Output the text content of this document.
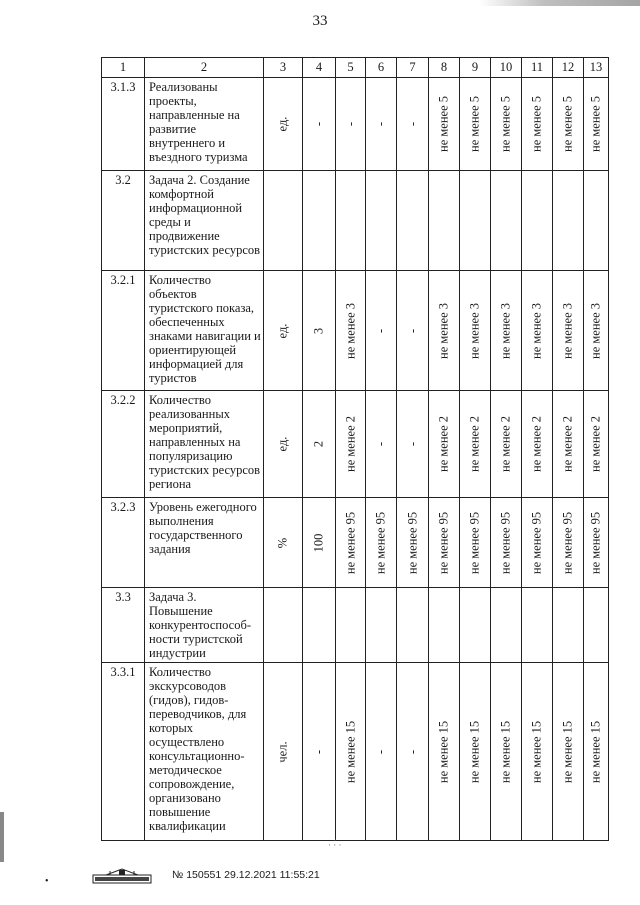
33
1	2	3	4	5	6	7	8	9	10	11	12	13
3.1.3	Реализованы проекты, направленные на развитие внутреннего и въездного туризма	ед.	-	-	-	-	не менее 5	не менее 5	не менее 5	не менее 5	не менее 5	не менее 5

3.2	Задача 2. Создание комфортной информационной среды и продвижение туристских ресурсов	

3.2.1	Количество объектов туристского показа, обеспеченных знаками навигации и ориентирующей информацией для туристов	ед.	3	не менее 3	-	-	не менее 3	не менее 3	не менее 3	не менее 3	не менее 3	не менее 3

3.2.2	Количество реализованных мероприятий, направленных на популяризацию туристских ресурсов региона	ед.	2	не менее 2	-	-	не менее 2	не менее 2	не менее 2	не менее 2	не менее 2	не менее 2

3.2.3	Уровень ежегодного выполнения государственного задания	%	100	не менее 95	не менее 95	не менее 95	не менее 95	не менее 95	не менее 95	не менее 95	не менее 95	не менее 95

3.3	Задача 3. Повышение конкурентоспособ-ности туристской индустрии	

3.3.1	Количество экскурсоводов (гидов), гидов-переводчиков, для которых осуществлено консультационно-методическое сопровождение, организовано повышение квалификации	чел.	-	не менее 15	-	-	не менее 15	не менее 15	не менее 15	не менее 15	не менее 15	не менее 15
· ·́ ·
•
№ 150551 29.12.2021 11:55:21
